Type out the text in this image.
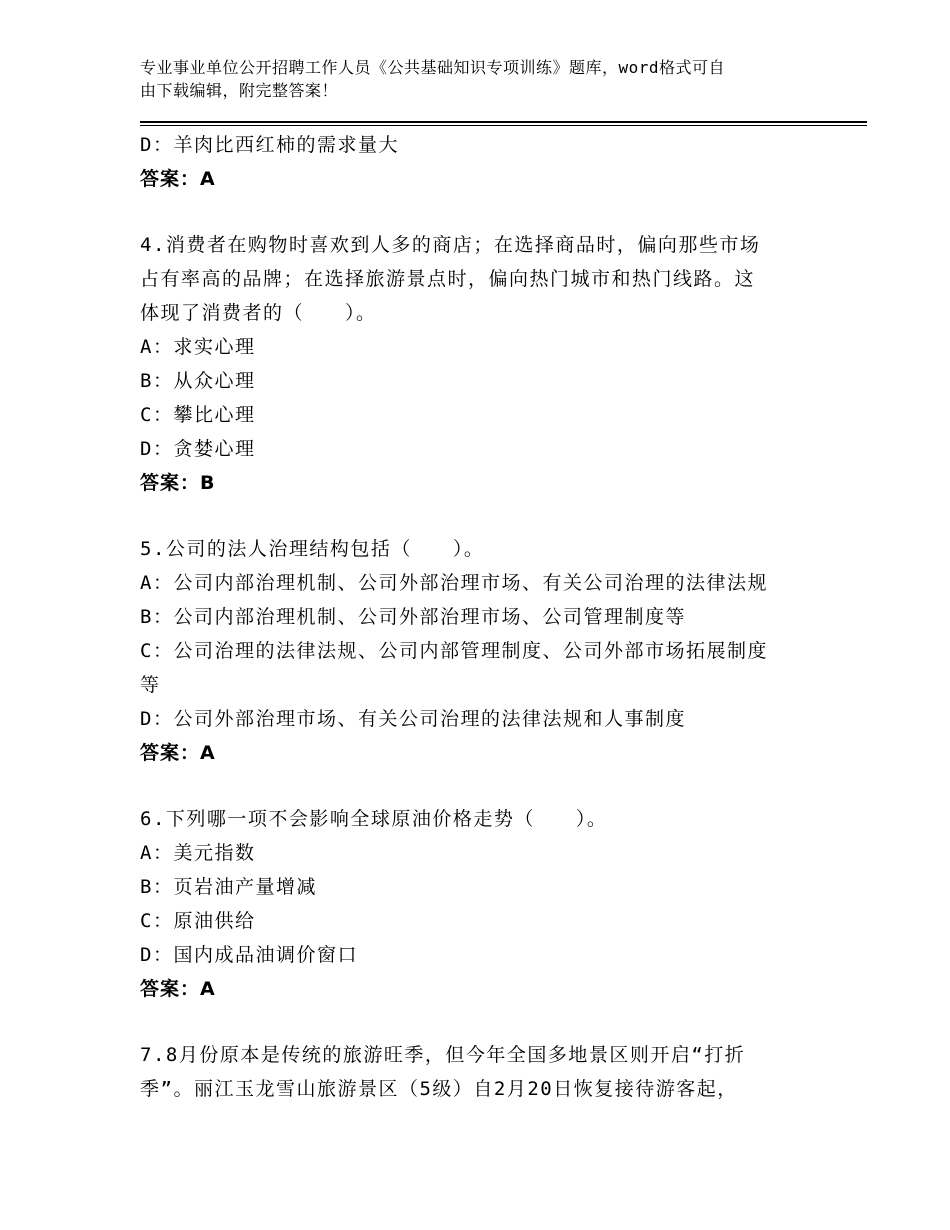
专业事业单位公开招聘工作人员《公共基础知识专项训练》题库，word格式可自
由下载编辑，附完整答案！
D：羊肉比西红柿的需求量大
答案：A
4.消费者在购物时喜欢到人多的商店；在选择商品时，偏向那些市场
占有率高的品牌；在选择旅游景点时，偏向热门城市和热门线路。这
体现了消费者的（　　）。
A：求实心理
B：从众心理
C：攀比心理
D：贪婪心理
答案：B
5.公司的法人治理结构包括（　　）。
A：公司内部治理机制、公司外部治理市场、有关公司治理的法律法规
B：公司内部治理机制、公司外部治理市场、公司管理制度等
C：公司治理的法律法规、公司内部管理制度、公司外部市场拓展制度
等
D：公司外部治理市场、有关公司治理的法律法规和人事制度
答案：A
6.下列哪一项不会影响全球原油价格走势（　　）。
A：美元指数
B：页岩油产量增减
C：原油供给
D：国内成品油调价窗口
答案：A
7.8月份原本是传统的旅游旺季，但今年全国多地景区则开启“打折
季”。丽江玉龙雪山旅游景区（5级）自2月20日恢复接待游客起，
